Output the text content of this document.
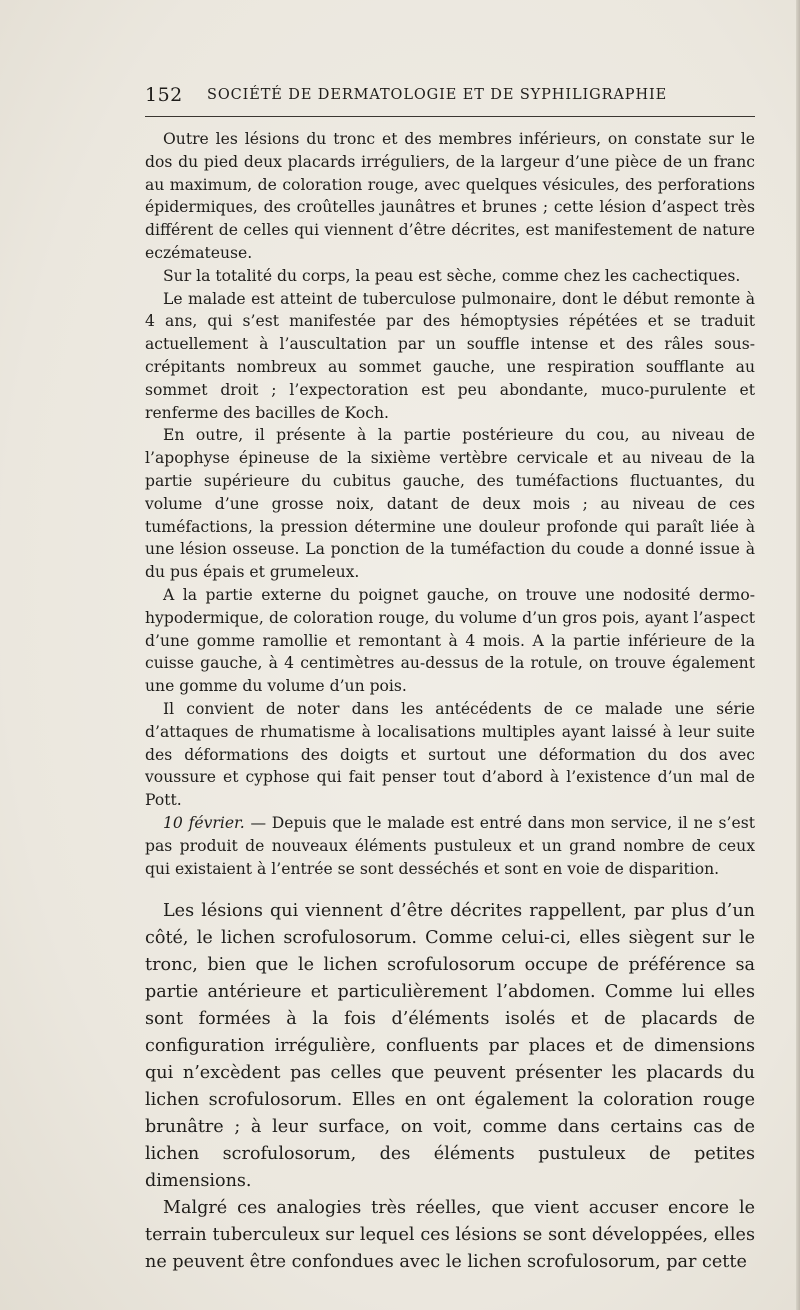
152 SOCIÉTÉ DE DERMATOLOGIE ET DE SYPHILIGRAPHIE

Outre les lésions du tronc et des membres inférieurs, on constate sur le dos du pied deux placards irréguliers, de la largeur d’une pièce de un franc au maximum, de coloration rouge, avec quelques vésicules, des perforations épidermiques, des croûtelles jaunâtres et brunes ; cette lésion d’aspect très différent de celles qui viennent d’être décrites, est manifestement de nature eczémateuse.

Sur la totalité du corps, la peau est sèche, comme chez les cachectiques.

Le malade est atteint de tuberculose pulmonaire, dont le début remonte à 4 ans, qui s’est manifestée par des hémoptysies répétées et se traduit actuellement à l’auscultation par un souffle intense et des râles sous-crépitants nombreux au sommet gauche, une respiration soufflante au sommet droit ; l’expectoration est peu abondante, muco-purulente et renferme des bacilles de Koch.

En outre, il présente à la partie postérieure du cou, au niveau de l’apophyse épineuse de la sixième vertèbre cervicale et au niveau de la partie supérieure du cubitus gauche, des tuméfactions fluctuantes, du volume d’une grosse noix, datant de deux mois ; au niveau de ces tuméfactions, la pression détermine une douleur profonde qui paraît liée à une lésion osseuse. La ponction de la tuméfaction du coude a donné issue à du pus épais et grumeleux.

A la partie externe du poignet gauche, on trouve une nodosité dermo-hypodermique, de coloration rouge, du volume d’un gros pois, ayant l’aspect d’une gomme ramollie et remontant à 4 mois. A la partie inférieure de la cuisse gauche, à 4 centimètres au-dessus de la rotule, on trouve également une gomme du volume d’un pois.

Il convient de noter dans les antécédents de ce malade une série d’attaques de rhumatisme à localisations multiples ayant laissé à leur suite des déformations des doigts et surtout une déformation du dos avec voussure et cyphose qui fait penser tout d’abord à l’existence d’un mal de Pott.

10 février. — Depuis que le malade est entré dans mon service, il ne s’est pas produit de nouveaux éléments pustuleux et un grand nombre de ceux qui existaient à l’entrée se sont desséchés et sont en voie de disparition.

Les lésions qui viennent d’être décrites rappellent, par plus d’un côté, le lichen scrofulosorum. Comme celui-ci, elles siègent sur le tronc, bien que le lichen scrofulosorum occupe de préférence sa partie antérieure et particulièrement l’abdomen. Comme lui elles sont formées à la fois d’éléments isolés et de placards de configuration irrégulière, confluents par places et de dimensions qui n’excèdent pas celles que peuvent présenter les placards du lichen scrofulosorum. Elles en ont également la coloration rouge brunâtre ; à leur surface, on voit, comme dans certains cas de lichen scrofulosorum, des éléments pustuleux de petites dimensions.

Malgré ces analogies très réelles, que vient accuser encore le terrain tuberculeux sur lequel ces lésions se sont développées, elles ne peuvent être confondues avec le lichen scrofulosorum, par cette
